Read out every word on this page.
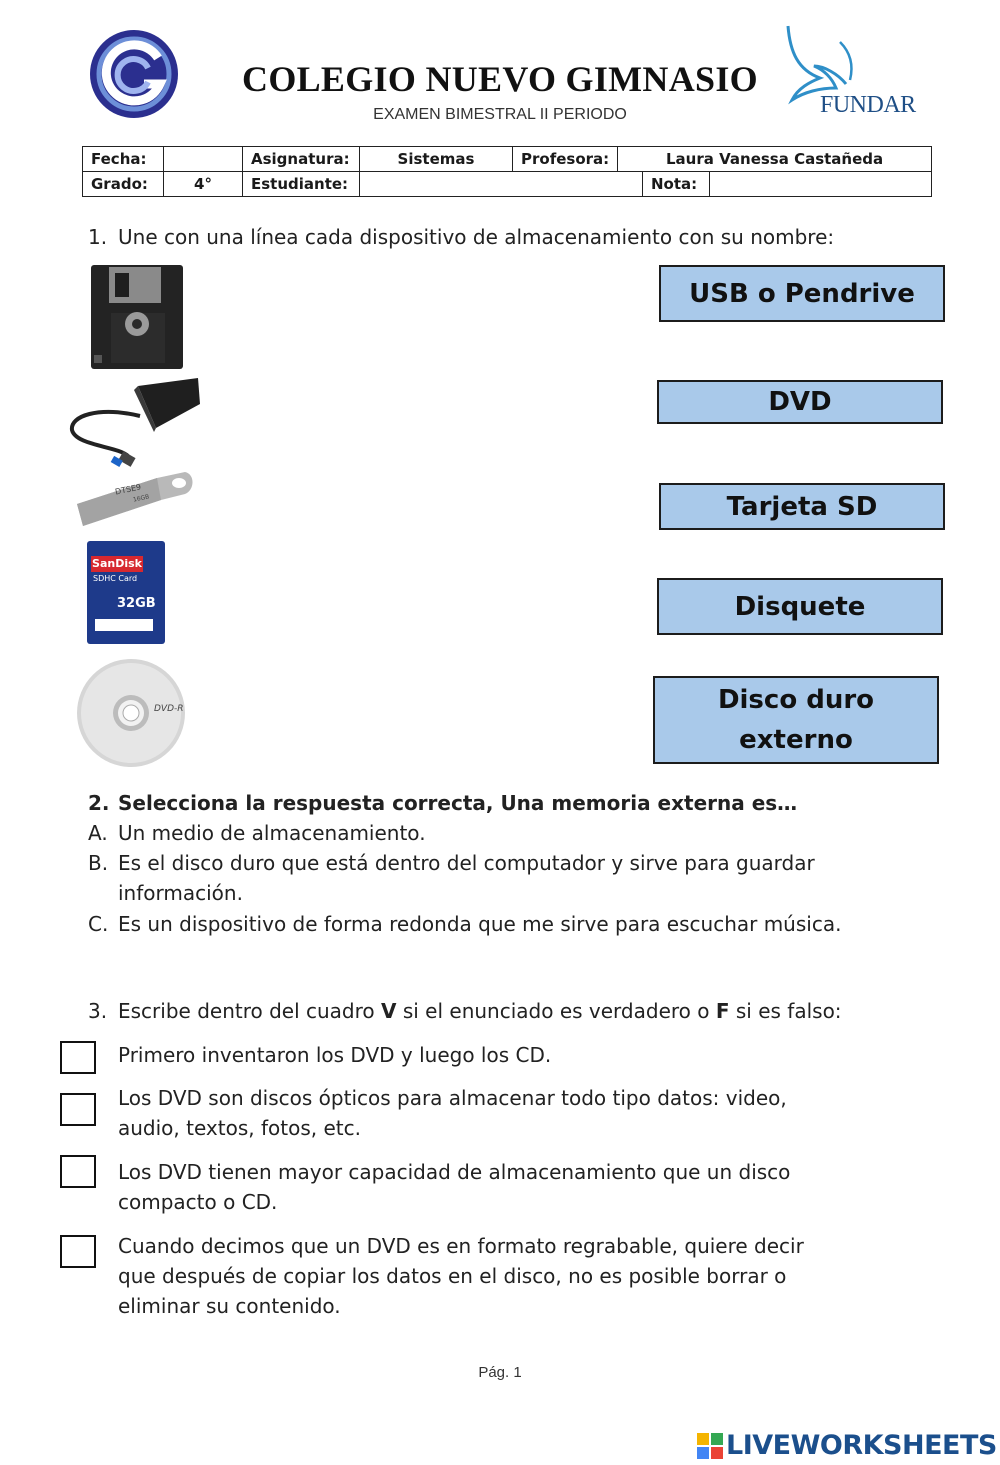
COLEGIO NUEVO GIMNASIO
EXAMEN BIMESTRAL II PERIODO	FUNDAR
Fecha:		Asignatura:	Sistemas	Profesora:	Laura Vanessa Castañeda		
Grado:	4°	Estudiante:				Nota:	
1. Une con una línea cada dispositivo de almacenamiento con su nombre:
DTSE9
16GB
SanDisk
SDHC Card
32GB
DVD-R
USB o Pendrive
DVD
Tarjeta SD
Disquete
Disco duro externo
2. Selecciona la respuesta correcta, Una memoria externa es…
A. Un medio de almacenamiento.
B. Es el disco duro que está dentro del computador y sirve para guardar
información.
C. Es un dispositivo de forma redonda que me sirve para escuchar música.
3. Escribe dentro del cuadro V si el enunciado es verdadero o F si es falso:
Primero inventaron los DVD y luego los CD.
Los DVD son discos ópticos para almacenar todo tipo datos: video,
audio, textos, fotos, etc.
Los DVD tienen mayor capacidad de almacenamiento que un disco
compacto o CD.
Cuando decimos que un DVD es en formato regrabable, quiere decir
que después de copiar los datos en el disco, no es posible borrar o
eliminar su contenido.
Pág. 1
LIVEWORKSHEETS
